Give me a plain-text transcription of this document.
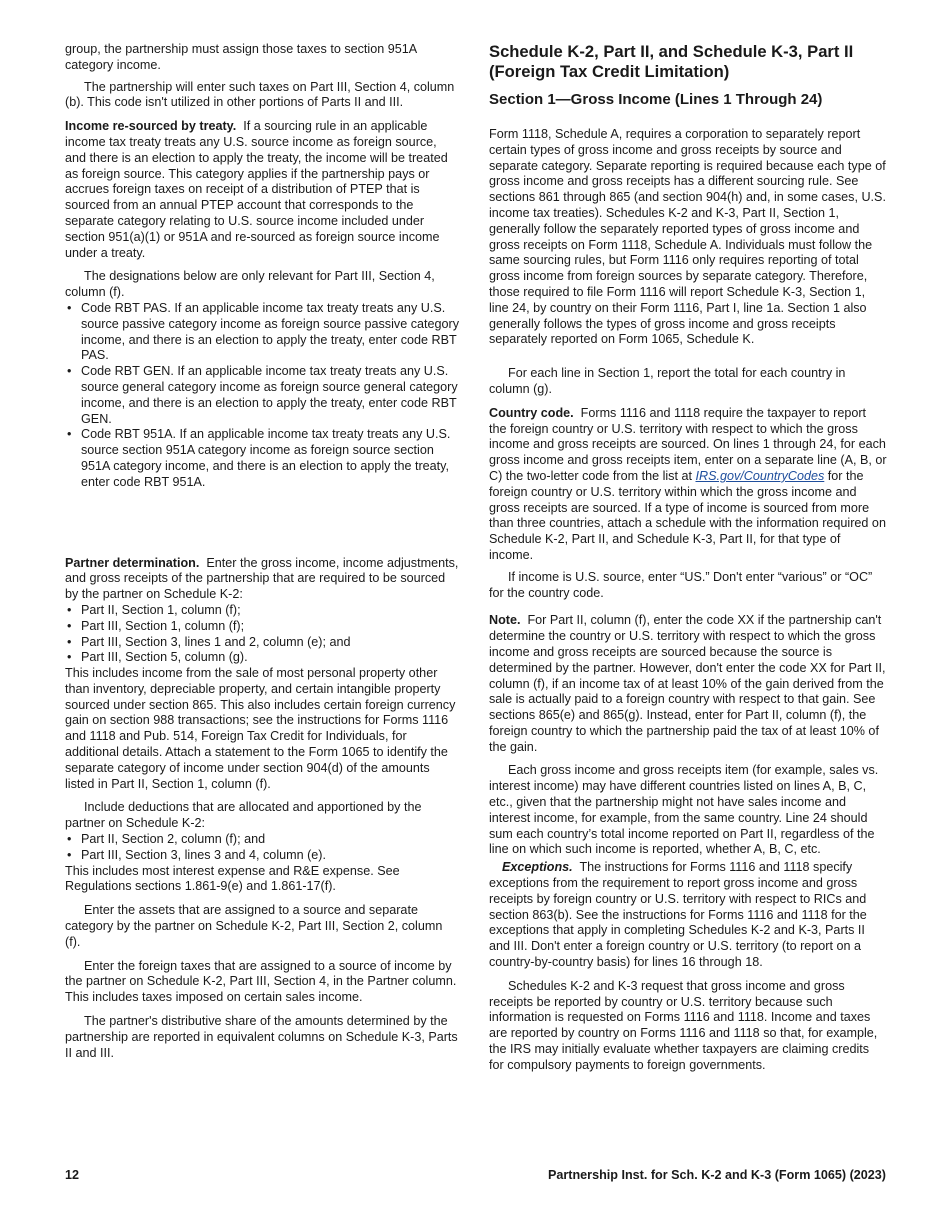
group, the partnership must assign those taxes to section 951A category income.

The partnership will enter such taxes on Part III, Section 4, column (b). This code isn't utilized in other portions of Parts II and III.

Income re-sourced by treaty. If a sourcing rule in an applicable income tax treaty treats any U.S. source income as foreign source, and there is an election to apply the treaty, the income will be treated as foreign source. This category applies if the partnership pays or accrues foreign taxes on receipt of a distribution of PTEP that is sourced from an annual PTEP account that corresponds to the separate category relating to U.S. source income included under section 951(a)(1) or 951A and re-sourced as foreign source income under a treaty.

The designations below are only relevant for Part III, Section 4, column (f).

• Code RBT PAS. If an applicable income tax treaty treats any U.S. source passive category income as foreign source passive category income, and there is an election to apply the treaty, enter code RBT PAS.
• Code RBT GEN. If an applicable income tax treaty treats any U.S. source general category income as foreign source general category income, and there is an election to apply the treaty, enter code RBT GEN.
• Code RBT 951A. If an applicable income tax treaty treats any U.S. source section 951A category income as foreign source section 951A category income, and there is an election to apply the treaty, enter code RBT 951A.

Partner determination. Enter the gross income, income adjustments, and gross receipts of the partnership that are required to be sourced by the partner on Schedule K-2:

• Part II, Section 1, column (f);
• Part III, Section 1, column (f);
• Part III, Section 3, lines 1 and 2, column (e); and
• Part III, Section 5, column (g).

This includes income from the sale of most personal property other than inventory, depreciable property, and certain intangible property sourced under section 865. This also includes certain foreign currency gain on section 988 transactions; see the instructions for Forms 1116 and 1118 and Pub. 514, Foreign Tax Credit for Individuals, for additional details. Attach a statement to the Form 1065 to identify the separate category of income under section 904(d) of the amounts listed in Part II, Section 1, column (f).

Include deductions that are allocated and apportioned by the partner on Schedule K-2:

• Part II, Section 2, column (f); and
• Part III, Section 3, lines 3 and 4, column (e).

This includes most interest expense and R&E expense. See Regulations sections 1.861-9(e) and 1.861-17(f).

Enter the assets that are assigned to a source and separate category by the partner on Schedule K-2, Part III, Section 2, column (f).

Enter the foreign taxes that are assigned to a source of income by the partner on Schedule K-2, Part III, Section 4, in the Partner column. This includes taxes imposed on certain sales income.

The partner's distributive share of the amounts determined by the partnership are reported in equivalent columns on Schedule K-3, Parts II and III.

Schedule K-2, Part II, and Schedule K-3, Part II (Foreign Tax Credit Limitation)
Section 1—Gross Income (Lines 1 Through 24)

Form 1118, Schedule A, requires a corporation to separately report certain types of gross income and gross receipts by source and separate category. Separate reporting is required because each type of gross income and gross receipts has a different sourcing rule. See sections 861 through 865 (and section 904(h) and, in some cases, U.S. income tax treaties). Schedules K-2 and K-3, Part II, Section 1, generally follow the separately reported types of gross income and gross receipts on Form 1118, Schedule A. Individuals must follow the same sourcing rules, but Form 1116 only requires reporting of total gross income from foreign sources by separate category. Therefore, those required to file Form 1116 will report Schedule K-3, Section 1, line 24, by country on their Form 1116, Part I, line 1a. Section 1 also generally follows the types of gross income and gross receipts separately reported on Form 1065, Schedule K.

For each line in Section 1, report the total for each country in column (g).

Country code. Forms 1116 and 1118 require the taxpayer to report the foreign country or U.S. territory with respect to which the gross income and gross receipts are sourced. On lines 1 through 24, for each gross income and gross receipts item, enter on a separate line (A, B, or C) the two-letter code from the list at IRS.gov/CountryCodes for the foreign country or U.S. territory within which the gross income and gross receipts are sourced. If a type of income is sourced from more than three countries, attach a schedule with the information required on Schedule K-2, Part II, and Schedule K-3, Part II, for that type of income.

If income is U.S. source, enter “US.” Don't enter “various” or “OC” for the country code.

Note. For Part II, column (f), enter the code XX if the partnership can't determine the country or U.S. territory with respect to which the gross income and gross receipts are sourced because the source is determined by the partner. However, don't enter the code XX for Part II, column (f), if an income tax of at least 10% of the gain derived from the sale is actually paid to a foreign country with respect to that gain. See sections 865(e) and 865(g). Instead, enter for Part II, column (f), the foreign country to which the partnership paid the tax of at least 10% of the gain.

Each gross income and gross receipts item (for example, sales vs. interest income) may have different countries listed on lines A, B, C, etc., given that the partnership might not have sales income and interest income, for example, from the same country. Line 24 should sum each country’s total income reported on Part II, regardless of the line on which such income is reported, whether A, B, C, etc.

Exceptions. The instructions for Forms 1116 and 1118 specify exceptions from the requirement to report gross income and gross receipts by foreign country or U.S. territory with respect to RICs and section 863(b). See the instructions for Forms 1116 and 1118 for the exceptions that apply in completing Schedules K-2 and K-3, Parts II and III. Don't enter a foreign country or U.S. territory (to report on a country-by-country basis) for lines 16 through 18.

Schedules K-2 and K-3 request that gross income and gross receipts be reported by country or U.S. territory because such information is requested on Forms 1116 and 1118. Income and taxes are reported by country on Forms 1116 and 1118 so that, for example, the IRS may initially evaluate whether taxpayers are claiming credits for compulsory payments to foreign governments.

12	Partnership Inst. for Sch. K-2 and K-3 (Form 1065) (2023)
